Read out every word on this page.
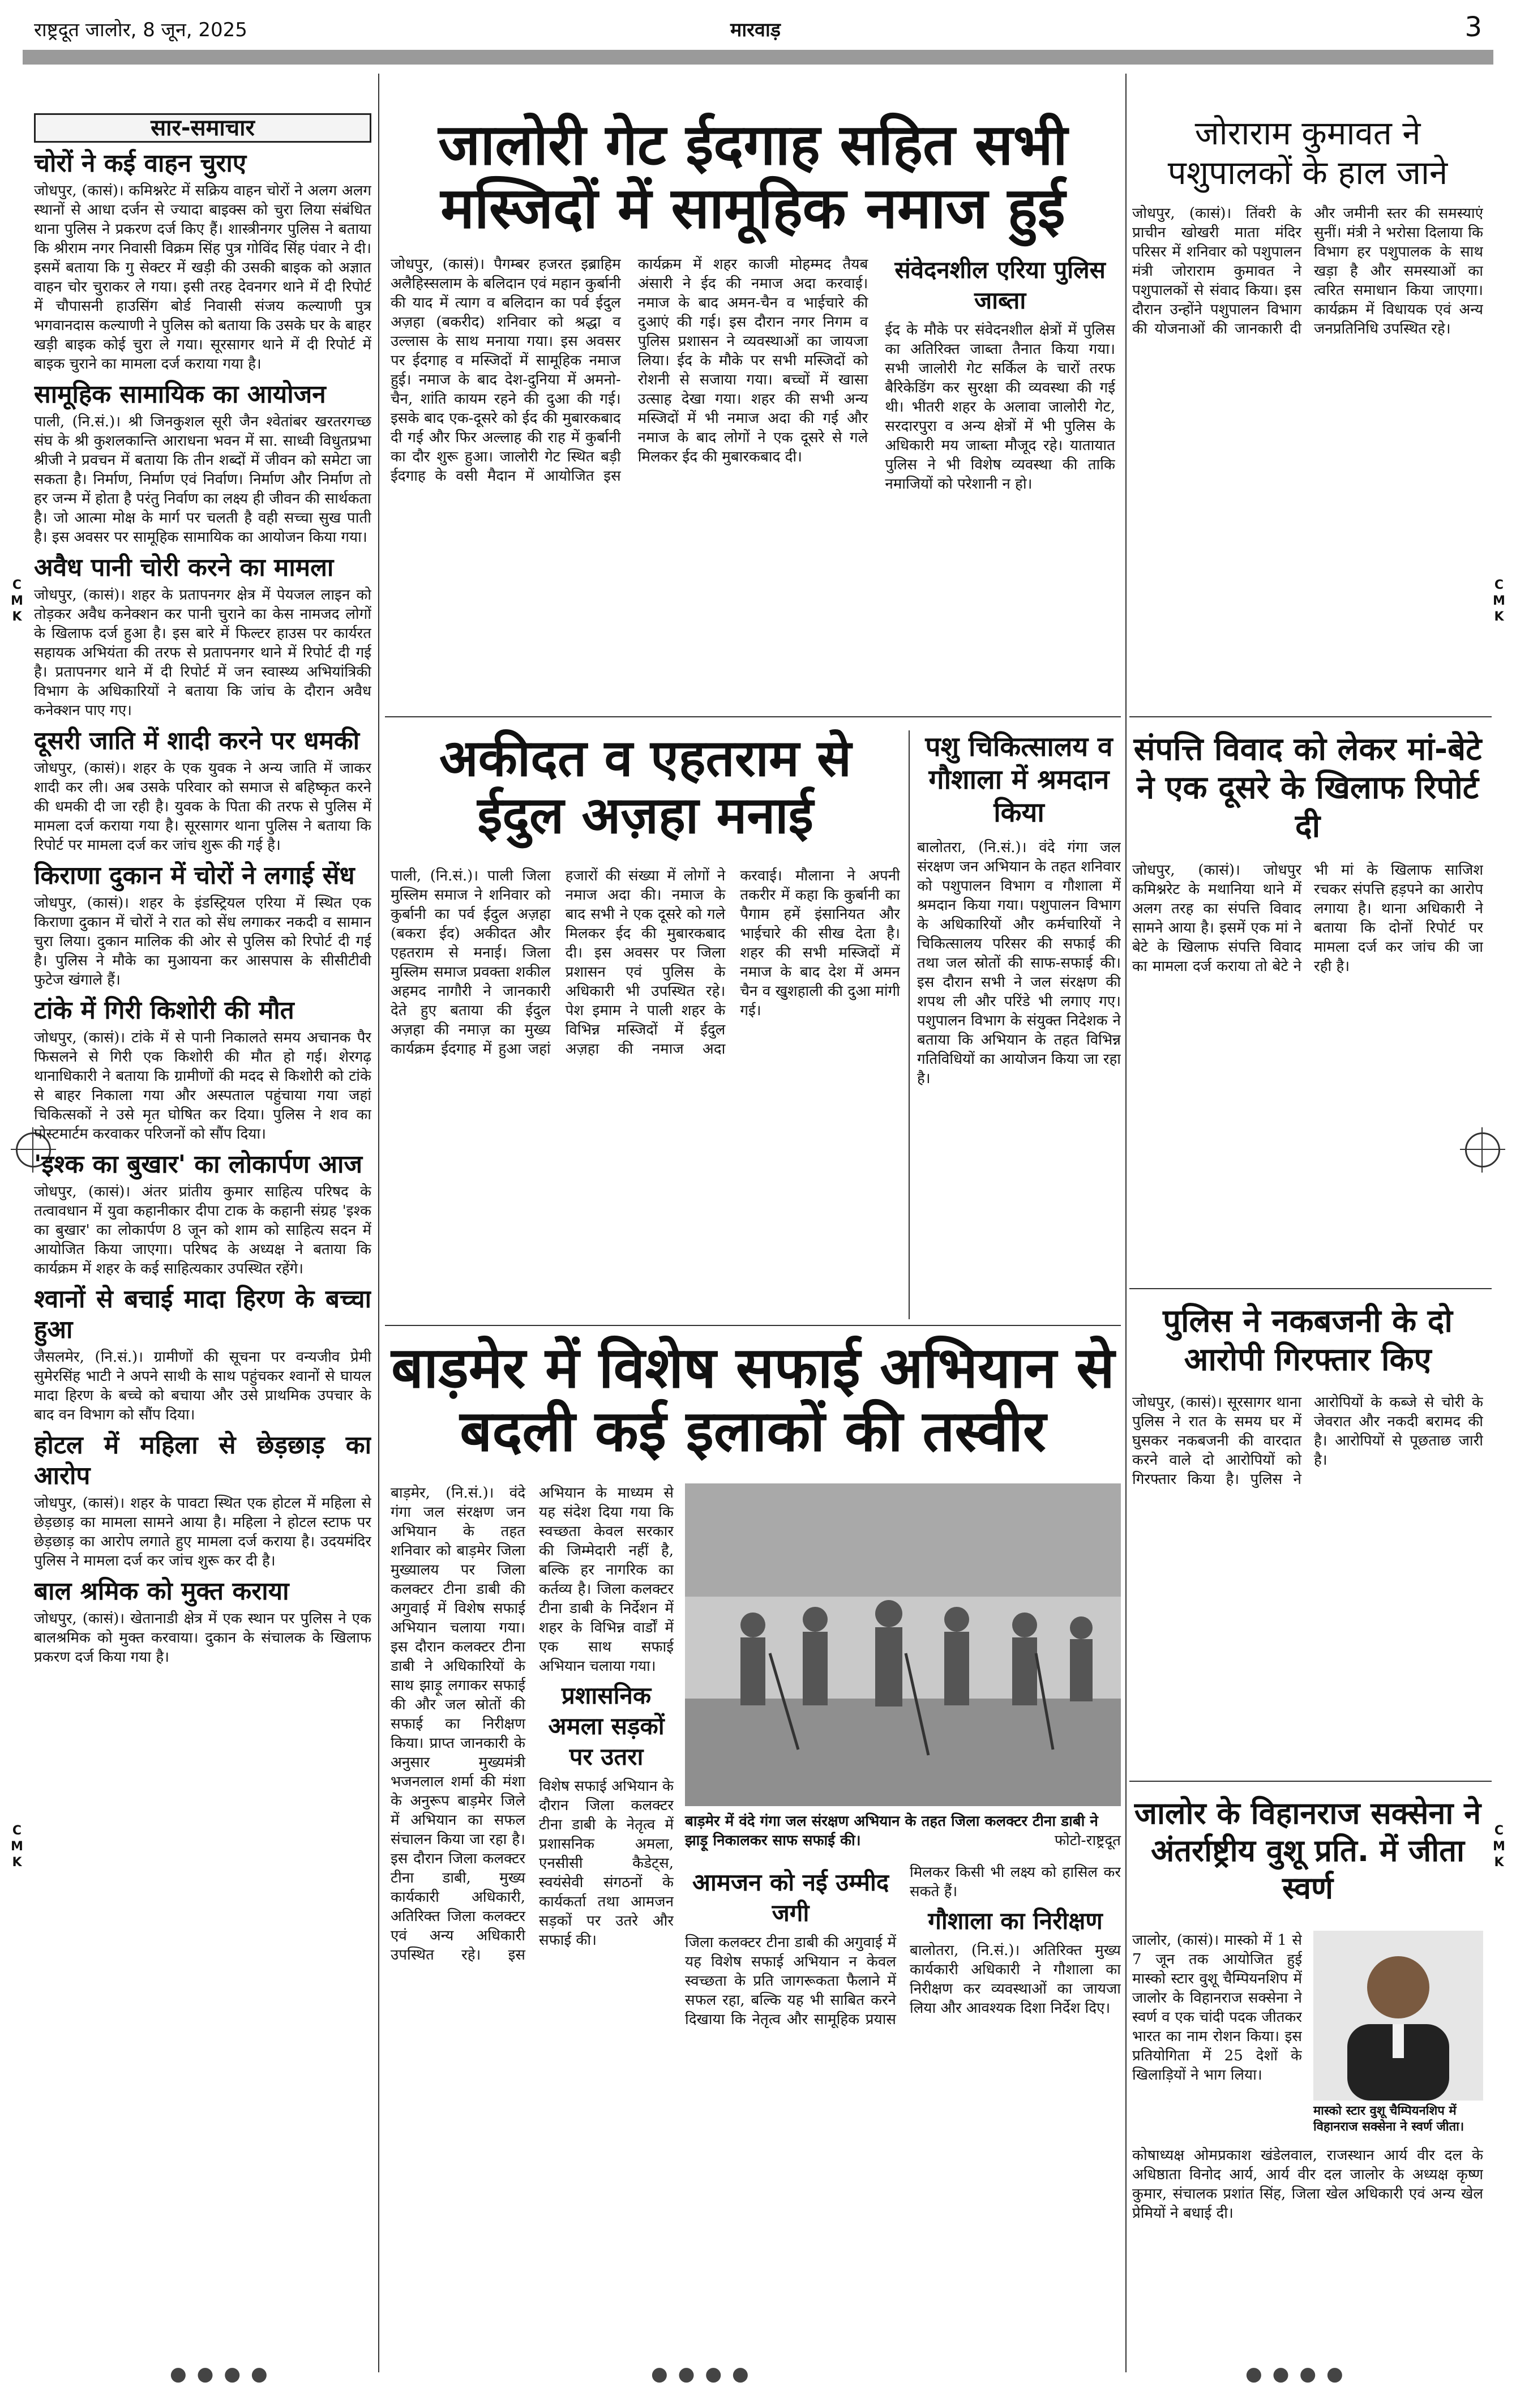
राष्ट्रदूत जालोर, 8 जून, 2025	मारवाड़	3
सार-समाचार
चोरों ने कई वाहन चुराए

जोधपुर, (कासं)। कमिश्नरेट में सक्रिय वाहन चोरों ने अलग अलग स्थानों से आधा दर्जन से ज्यादा बाइक्स को चुरा लिया संबंधित थाना पुलिस ने प्रकरण दर्ज किए हैं। शास्त्रीनगर पुलिस ने बताया कि श्रीराम नगर निवासी विक्रम सिंह पुत्र गोविंद सिंह पंवार ने दी। इसमें बताया कि गु सेक्टर में खड़ी की उसकी बाइक को अज्ञात वाहन चोर चुराकर ले गया। इसी तरह देवनगर थाने में दी रिपोर्ट में चौपासनी हाउसिंग बोर्ड निवासी संजय कल्याणी पुत्र भगवानदास कल्याणी ने पुलिस को बताया कि उसके घर के बाहर खड़ी बाइक कोई चुरा ले गया। सूरसागर थाने में दी रिपोर्ट में बाइक चुराने का मामला दर्ज कराया गया है।

सामूहिक सामायिक का आयोजन

पाली, (नि.सं.)। श्री जिनकुशल सूरी जैन श्वेतांबर खरतरगच्छ संघ के श्री कुशलकान्ति आराधना भवन में सा. साध्वी विधुतप्रभा श्रीजी ने प्रवचन में बताया कि तीन शब्दों में जीवन को समेटा जा सकता है। निर्माण, निर्माण एवं निर्वाण। निर्माण और निर्माण तो हर जन्म में होता है परंतु निर्वाण का लक्ष्य ही जीवन की सार्थकता है। जो आत्मा मोक्ष के मार्ग पर चलती है वही सच्चा सुख पाती है। इस अवसर पर सामूहिक सामायिक का आयोजन किया गया।

अवैध पानी चोरी करने का मामला

जोधपुर, (कासं)। शहर के प्रतापनगर क्षेत्र में पेयजल लाइन को तोड़कर अवैध कनेक्शन कर पानी चुराने का केस नामजद लोगों के खिलाफ दर्ज हुआ है। इस बारे में फिल्टर हाउस पर कार्यरत सहायक अभियंता की तरफ से प्रतापनगर थाने में रिपोर्ट दी गई है। प्रतापनगर थाने में दी रिपोर्ट में जन स्वास्थ्य अभियांत्रिकी विभाग के अधिकारियों ने बताया कि जांच के दौरान अवैध कनेक्शन पाए गए।

दूसरी जाति में शादी करने पर धमकी

जोधपुर, (कासं)। शहर के एक युवक ने अन्य जाति में जाकर शादी कर ली। अब उसके परिवार को समाज से बहिष्कृत करने की धमकी दी जा रही है। युवक के पिता की तरफ से पुलिस में मामला दर्ज कराया गया है। सूरसागर थाना पुलिस ने बताया कि रिपोर्ट पर मामला दर्ज कर जांच शुरू की गई है।

किराणा दुकान में चोरों ने लगाई सेंध

जोधपुर, (कासं)। शहर के इंडस्ट्रियल एरिया में स्थित एक किराणा दुकान में चोरों ने रात को सेंध लगाकर नकदी व सामान चुरा लिया। दुकान मालिक की ओर से पुलिस को रिपोर्ट दी गई है। पुलिस ने मौके का मुआयना कर आसपास के सीसीटीवी फुटेज खंगाले हैं।

टांके में गिरी किशोरी की मौत

जोधपुर, (कासं)। टांके में से पानी निकालते समय अचानक पैर फिसलने से गिरी एक किशोरी की मौत हो गई। शेरगढ़ थानाधिकारी ने बताया कि ग्रामीणों की मदद से किशोरी को टांके से बाहर निकाला गया और अस्पताल पहुंचाया गया जहां चिकित्सकों ने उसे मृत घोषित कर दिया। पुलिस ने शव का पोस्टमार्टम करवाकर परिजनों को सौंप दिया।

'इश्क का बुखार' का लोकार्पण आज

जोधपुर, (कासं)। अंतर प्रांतीय कुमार साहित्य परिषद के तत्वावधान में युवा कहानीकार दीपा टाक के कहानी संग्रह 'इश्क का बुखार' का लोकार्पण 8 जून को शाम को साहित्य सदन में आयोजित किया जाएगा। परिषद के अध्यक्ष ने बताया कि कार्यक्रम में शहर के कई साहित्यकार उपस्थित रहेंगे।

श्वानों से बचाई मादा हिरण के बच्चा हुआ

जैसलमेर, (नि.सं.)। ग्रामीणों की सूचना पर वन्यजीव प्रेमी सुमेरसिंह भाटी ने अपने साथी के साथ पहुंचकर श्वानों से घायल मादा हिरण के बच्चे को बचाया और उसे प्राथमिक उपचार के बाद वन विभाग को सौंप दिया।

होटल में महिला से छेड़छाड़ का आरोप

जोधपुर, (कासं)। शहर के पावटा स्थित एक होटल में महिला से छेड़छाड़ का मामला सामने आया है। महिला ने होटल स्टाफ पर छेड़छाड़ का आरोप लगाते हुए मामला दर्ज कराया है। उदयमंदिर पुलिस ने मामला दर्ज कर जांच शुरू कर दी है।

बाल श्रमिक को मुक्त कराया

जोधपुर, (कासं)। खेतानाडी क्षेत्र में एक स्थान पर पुलिस ने एक बालश्रमिक को मुक्त करवाया। दुकान के संचालक के खिलाफ प्रकरण दर्ज किया गया है।

जालोरी गेट ईदगाह सहित सभी मस्जिदों में सामूहिक नमाज हुई

जोधपुर, (कासं)। पैगम्बर हजरत इब्राहिम अलैहिस्सलाम के बलिदान एवं महान कुर्बानी की याद में त्याग व बलिदान का पर्व ईदुल अज़हा (बकरीद) शनिवार को श्रद्धा व उल्लास के साथ मनाया गया। इस अवसर पर ईदगाह व मस्जिदों में सामूहिक नमाज हुई। नमाज के बाद देश-दुनिया में अमनो-चैन, शांति कायम रहने की दुआ की गई। इसके बाद एक-दूसरे को ईद की मुबारकबाद दी गई और फिर अल्लाह की राह में कुर्बानी का दौर शुरू हुआ। जालोरी गेट स्थित बड़ी ईदगाह के वसी मैदान में आयोजित इस कार्यक्रम में शहर काजी मोहम्मद तैयब अंसारी ने ईद की नमाज अदा करवाई। नमाज के बाद अमन-चैन व भाईचारे की दुआएं की गई। इस दौरान नगर निगम व पुलिस प्रशासन ने व्यवस्थाओं का जायजा लिया। ईद के मौके पर सभी मस्जिदों को रोशनी से सजाया गया। बच्चों में खासा उत्साह देखा गया। शहर की सभी अन्य मस्जिदों में भी नमाज अदा की गई और नमाज के बाद लोगों ने एक दूसरे से गले मिलकर ईद की मुबारकबाद दी।

संवेदनशील एरिया पुलिस जाब्ता

ईद के मौके पर संवेदनशील क्षेत्रों में पुलिस का अतिरिक्त जाब्ता तैनात किया गया। सभी जालोरी गेट सर्किल के चारों तरफ बैरिकेडिंग कर सुरक्षा की व्यवस्था की गई थी। भीतरी शहर के अलावा जालोरी गेट, सरदारपुरा व अन्य क्षेत्रों में भी पुलिस के अधिकारी मय जाब्ता मौजूद रहे। यातायात पुलिस ने भी विशेष व्यवस्था की ताकि नमाजियों को परेशानी न हो।

अकीदत व एहतराम से ईदुल अज़हा मनाई

पाली, (नि.सं.)। पाली जिला मुस्लिम समाज ने शनिवार को कुर्बानी का पर्व ईदुल अज़हा (बकरा ईद) अकीदत और एहतराम से मनाई। जिला मुस्लिम समाज प्रवक्ता शकील अहमद नागौरी ने जानकारी देते हुए बताया की ईदुल अज़हा की नमाज़ का मुख्य कार्यक्रम ईदगाह में हुआ जहां हजारों की संख्या में लोगों ने नमाज अदा की। नमाज के बाद सभी ने एक दूसरे को गले मिलकर ईद की मुबारकबाद दी। इस अवसर पर जिला प्रशासन एवं पुलिस के अधिकारी भी उपस्थित रहे। पेश इमाम ने पाली शहर के विभिन्न मस्जिदों में ईदुल अज़हा की नमाज अदा करवाई। मौलाना ने अपनी तकरीर में कहा कि कुर्बानी का पैगाम हमें इंसानियत और भाईचारे की सीख देता है। शहर की सभी मस्जिदों में नमाज के बाद देश में अमन चैन व खुशहाली की दुआ मांगी गई।

पशु चिकित्सालय व गौशाला में श्रमदान किया

बालोतरा, (नि.सं.)। वंदे गंगा जल संरक्षण जन अभियान के तहत शनिवार को पशुपालन विभाग व गौशाला में श्रमदान किया गया। पशुपालन विभाग के अधिकारियों और कर्मचारियों ने चिकित्सालय परिसर की सफाई की तथा जल स्रोतों की साफ-सफाई की। इस दौरान सभी ने जल संरक्षण की शपथ ली और परिंडे भी लगाए गए। पशुपालन विभाग के संयुक्त निदेशक ने बताया कि अभियान के तहत विभिन्न गतिविधियों का आयोजन किया जा रहा है।

बाड़मेर में विशेष सफाई अभियान से बदली कई इलाकों की तस्वीर

बाड़मेर, (नि.सं.)। वंदे गंगा जल संरक्षण जन अभियान के तहत शनिवार को बाड़मेर जिला मुख्यालय पर जिला कलक्टर टीना डाबी की अगुवाई में विशेष सफाई अभियान चलाया गया। इस दौरान कलक्टर टीना डाबी ने अधिकारियों के साथ झाड़ू लगाकर सफाई की और जल स्रोतों की सफाई का निरीक्षण किया। प्राप्त जानकारी के अनुसार मुख्यमंत्री भजनलाल शर्मा की मंशा के अनुरूप बाड़मेर जिले में अभियान का सफल संचालन किया जा रहा है। इस दौरान जिला कलक्टर टीना डाबी, मुख्य कार्यकारी अधिकारी, अतिरिक्त जिला कलक्टर एवं अन्य अधिकारी उपस्थित रहे। इस अभियान के माध्यम से यह संदेश दिया गया कि स्वच्छता केवल सरकार की जिम्मेदारी नहीं है, बल्कि हर नागरिक का कर्तव्य है। जिला कलक्टर टीना डाबी के निर्देशन में शहर के विभिन्न वार्डों में एक साथ सफाई अभियान चलाया गया।

प्रशासनिक अमला सड़कों पर उतरा

विशेष सफाई अभियान के दौरान जिला कलक्टर टीना डाबी के नेतृत्व में प्रशासनिक अमला, एनसीसी कैडेट्स, स्वयंसेवी संगठनों के कार्यकर्ता तथा आमजन सड़कों पर उतरे और सफाई की।

बाड़मेर में वंदे गंगा जल संरक्षण अभियान के तहत जिला कलक्टर टीना डाबी ने झाड़ू निकालकर साफ सफाई की।	फोटो-राष्ट्रदूत
आमजन को नई उम्मीद जगी

जिला कलक्टर टीना डाबी की अगुवाई में यह विशेष सफाई अभियान न केवल स्वच्छता के प्रति जागरूकता फैलाने में सफल रहा, बल्कि यह भी साबित करने दिखाया कि नेतृत्व और सामूहिक प्रयास मिलकर किसी भी लक्ष्य को हासिल कर सकते हैं।

गौशाला का निरीक्षण

बालोतरा, (नि.सं.)। अतिरिक्त मुख्य कार्यकारी अधिकारी ने गौशाला का निरीक्षण कर व्यवस्थाओं का जायजा लिया और आवश्यक दिशा निर्देश दिए।

जोराराम कुमावत ने पशुपालकों के हाल जाने

जोधपुर, (कासं)। तिंवरी के प्राचीन खोखरी माता मंदिर परिसर में शनिवार को पशुपालन मंत्री जोराराम कुमावत ने पशुपालकों से संवाद किया। इस दौरान उन्होंने पशुपालन विभाग की योजनाओं की जानकारी दी और जमीनी स्तर की समस्याएं सुनीं। मंत्री ने भरोसा दिलाया कि विभाग हर पशुपालक के साथ खड़ा है और समस्याओं का त्वरित समाधान किया जाएगा। कार्यक्रम में विधायक एवं अन्य जनप्रतिनिधि उपस्थित रहे।

संपत्ति विवाद को लेकर मां-बेटे ने एक दूसरे के खिलाफ रिपोर्ट दी

जोधपुर, (कासं)। जोधपुर कमिश्नरेट के मथानिया थाने में अलग तरह का संपत्ति विवाद सामने आया है। इसमें एक मां ने बेटे के खिलाफ संपत्ति विवाद का मामला दर्ज कराया तो बेटे ने भी मां के खिलाफ साजिश रचकर संपत्ति हड़पने का आरोप लगाया है। थाना अधिकारी ने बताया कि दोनों रिपोर्ट पर मामला दर्ज कर जांच की जा रही है।

पुलिस ने नकबजनी के दो आरोपी गिरफ्तार किए

जोधपुर, (कासं)। सूरसागर थाना पुलिस ने रात के समय घर में घुसकर नकबजनी की वारदात करने वाले दो आरोपियों को गिरफ्तार किया है। पुलिस ने आरोपियों के कब्जे से चोरी के जेवरात और नकदी बरामद की है। आरोपियों से पूछताछ जारी है।

जालोर के विहानराज सक्सेना ने अंतर्राष्ट्रीय वुशू प्रति. में जीता स्वर्ण

जालोर, (कासं)। मास्को में 1 से 7 जून तक आयोजित हुई मास्को स्टार वुशू चैम्पियनशिप में जालोर के विहानराज सक्सेना ने स्वर्ण व एक चांदी पदक जीतकर भारत का नाम रोशन किया। इस प्रतियोगिता में 25 देशों के खिलाड़ियों ने भाग लिया।

मास्को स्टार वुशू चैम्पियनशिप में विहानराज सक्सेना ने स्वर्ण जीता।

कोषाध्यक्ष ओमप्रकाश खंडेलवाल, राजस्थान आर्य वीर दल के अधिष्ठाता विनोद आर्य, आर्य वीर दल जालोर के अध्यक्ष कृष्ण कुमार, संचालक प्रशांत सिंह, जिला खेल अधिकारी एवं अन्य खेल प्रेमियों ने बधाई दी।

C
M
K
C
M
K
C
M
K
C
M
K
●●●●	●●●●	●●●●
